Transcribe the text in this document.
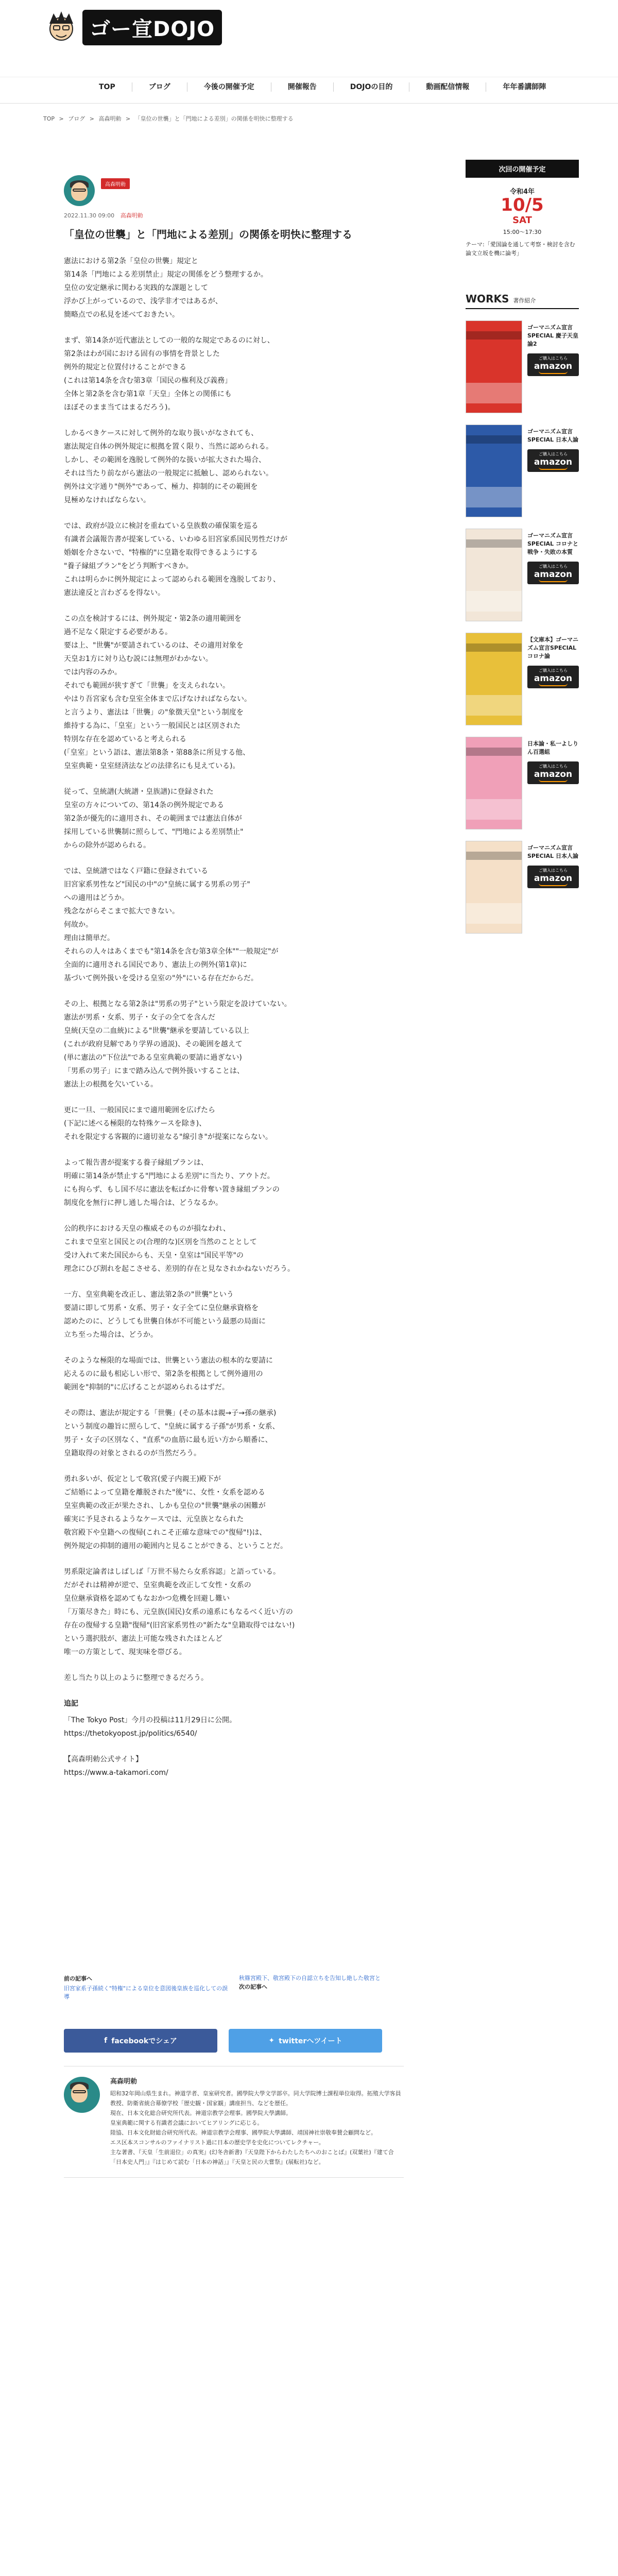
ゴー宣DOJO
TOP	ブログ	今後の開催予定	開催報告	DOJOの目的	動画配信情報	年年番講師陣
TOP > ブログ > 高森明勅 > 「皇位の世襲」と「門地による差別」の関係を明快に整理する
高森明勅
2022.11.30 09:00 高森明勅
「皇位の世襲」と「門地による差別」の関係を明快に整理する

憲法における第2条「皇位の世襲」規定と
第14条「門地による差別禁止」規定の関係をどう整理するか。
皇位の安定継承に関わる実践的な課題として
浮かび上がっているので、浅学非才ではあるが、
簡略点での私見を述べておきたい。

まず、第14条が近代憲法としての一般的な規定であるのに対し、
第2条はわが国における固有の事情を背景とした
例外的規定と位置付けることができる
(これは第14条を含む第3章「国民の権利及び義務」
全体と第2条を含む第1章「天皇」全体との関係にも
ほぼそのまま当てはまるだろう)。

しかるべきケースに対して例外的な取り扱いがなされても、
憲法規定自体の例外規定に根拠を置く限り、当然に認められる。
しかし、その範囲を逸脱して例外的な扱いが拡大された場合、
それは当たり前ながら憲法の一般規定に抵触し、認められない。
例外は文字通り"例外"であって、極力、抑制的にその範囲を
見極めなければならない。

では、政府が設立に検討を重ねている皇族数の確保策を巡る
有識者会議報告書が提案している、いわゆる旧宮家系国民男性だけが
婚姻を介さないで、"特権的"に皇籍を取得できるようにする
"養子縁組プラン"をどう判断すべきか。
これは明らかに例外規定によって認められる範囲を逸脱しており、
憲法違反と言わざるを得ない。

この点を検討するには、例外規定・第2条の適用範囲を
過不足なく限定する必要がある。
要は上、"世襲"が要請されているのは、その適用対象を
天皇お1方に対り込む説には無理がわかない。
では内容のみか。
それでも範囲が狭すぎて「世襲」を支えられない。
やはり吾宮家も含む皇室全体まで広げなければならない。
と言うより、憲法は「世襲」の"象徴天皇"という制度を
維持する為に、「皇室」という一般国民とは区別された
特別な存在を認めていると考えられる
(「皇室」という語は、憲法第8条・第88条に所見する他、
皇室典範・皇室経済法などの法律名にも見えている)。

従って、皇統譜(大統譜・皇族譜)に登録された
皇室の方々についての、第14条の例外規定である
第2条が優先的に適用され、その範囲までは憲法自体が
採用している世襲制に照らして、"門地による差別禁止"
からの除外が認められる。

では、皇統譜ではなく戸籍に登録されている
旧宮家系男性など"国民の中"の"皇統に属する男系の男子"
への適用はどうか。
残念ながらそこまで拡大できない。
何故か。
理由は簡単だ。
それらの人々はあくまでも"第14条を含む第3章全体""一般規定"が
全面的に適用される国民であり、憲法上の例外(第1章)に
基づいて例外扱いを受ける皇室の"外"にいる存在だからだ。

その上、根拠となる第2条は"男系の男子"という限定を設けていない。
憲法が男系・女系、男子・女子の全てを含んだ
皇統(天皇の二血統)による"世襲"継承を要請している以上
(これが政府見解であり学界の通説)、その範囲を越えて
(単に憲法の"下位法"である皇室典範の要請に過ぎない)
「男系の男子」にまで踏み込んで例外扱いすることは、
憲法上の根拠を欠いている。

更に一旦、一般国民にまで適用範囲を広げたら
(下記に述べる極限的な特殊ケースを除き)、
それを限定する客観的に適切並なる"線引き"が提案にならない。

よって報告書が提案する養子縁組プランは、
明確に第14条が禁止する"門地による差別"に当たり、アウトだ。
にも拘らず、もし国不尽に憲法を転ばかに骨奪い置き縁組プランの
制度化を無行に押し通した場合は、どうなるか。

公的秩序における天皇の権威そのものが損なわれ、
これまで皇室と国民との(合理的な)区別を当然のこととして
受け入れて来た国民からも、天皇・皇室は"国民平等"の
理念にひび割れを起こさせる、差別的存在と見なされかねないだろう。

一方、皇室典範を改正し、憲法第2条の"世襲"という
要請に即して男系・女系、男子・女子全てに皇位継承資格を
認めたのに、どうしても世襲自体が不可能という最悪の局面に
立ち至った場合は、どうか。

そのような極限的な場面では、世襲という憲法の根本的な要請に
応えるのに最も相応しい形で、第2条を根拠として例外適用の
範囲を"抑制的"に広げることが認められるはずだ。

その際は、憲法が規定する「世襲」(その基本は親→子→孫の継承)
という制度の趣旨に照らして、"皇統に属する子孫"が男系・女系、
男子・女子の区別なく、"直系"の血筋に最も近い方から順番に、
皇籍取得の対象とされるのが当然だろう。

勇れ多いが、仮定として敬宮(愛子内親王)殿下が
ご結婚によって皇籍を離脱された"後"に、女性・女系を認める
皇室典範の改正が果たされ、しかも皇位の"世襲"継承の困難が
確実に予見されるようなケースでは、元皇族となられた
敬宮殿下や皇籍への復帰(これこそ正確な意味での"復帰"!)は、
例外規定の抑制的適用の範囲内と見ることができる、ということだ。

男系限定論者はしばしば「万世不易たら女系容認」と語っている。
だがそれは精神が逆で、皇室典範を改正して女性・女系の
皇位継承資格を認めてもなおかつ危機を回避し難い
「万策尽きた」時にも、元皇族(国民)女系の遠系にもなるべく近い方の
存在の復帰する皇籍"復帰"(旧宮家系男性の"新たな"皇籍取得ではない!)
という選択肢が、憲法上可能な残されたほとんど
唯一の方策として、現実味を帯びる。

差し当たり以上のように整理できるだろう。

追記

「The Tokyo Post」今月の投稿は11月29日に公開。

https://thetokyopost.jp/politics/6540/

【高森明勅公式サイト】

https://www.a-takamori.com/

前の記事へ
旧宮家系子孫続く"特権"による皇位を意図後皇族を巡化しての誤導
秋篠宮殿下、敬宮殿下の自認立ちを告知し絶した敬宮と
次の記事へ
f facebookでシェア	✦ twitterへツイート
高森明勅
昭和32年岡山県生まれ。神道学者、皇室研究者。國學院大學文学部卒。同大学院博士課程単位取得。拓殖大学客員教授、防衛省統合幕僚学校「歴史観・国家観」講座担当、などを歴任。
現在、日本文化総合研究所代表。神道宗教学会理事。國學院大學講師。
皇室典範に関する有識者会議においてヒアリングに応じる。
陸協、日本文化財総合研究所代表。神道宗教学会理事、國學院大學講師、靖国神社崇敬奉賛会顧問など。
エス区本スコンサルのファイナリスト過に日本の歴史学を史化についてレクチャー。
主な著書、『天皇「生前退位」の真実』(幻冬舎新書)『天皇陛下からわたしたちへのおことば』(双葉社)『建て合「日本史人門」』『はじめて読む「日本の神話」』『天皇と民の大嘗祭』(展転社)など。
次回の開催予定
令和4年
10/5
SAT
15:00〜17:30
テーマ:「愛国論を通して考察・検討を含む論文立坂を機に論考」
WORKS 著作紹介
ゴーマニズム宣言SPECIAL 慶子天皇論2
ご購入はこちら
amazon
ゴーマニズム宣言SPECIAL 日本人論
ご購入はこちら
amazon
ゴーマニズム宣言SPECIAL コロナと戦争・失敗の本質
ご購入はこちら
amazon
【文庫本】ゴーマニズム宣言SPECIAL コロナ論
ご購入はこちら
amazon
日本論・私一よしりん百選組
ご購入はこちら
amazon
ゴーマニズム宣言SPECIAL 日本人論
ご購入はこちら
amazon
